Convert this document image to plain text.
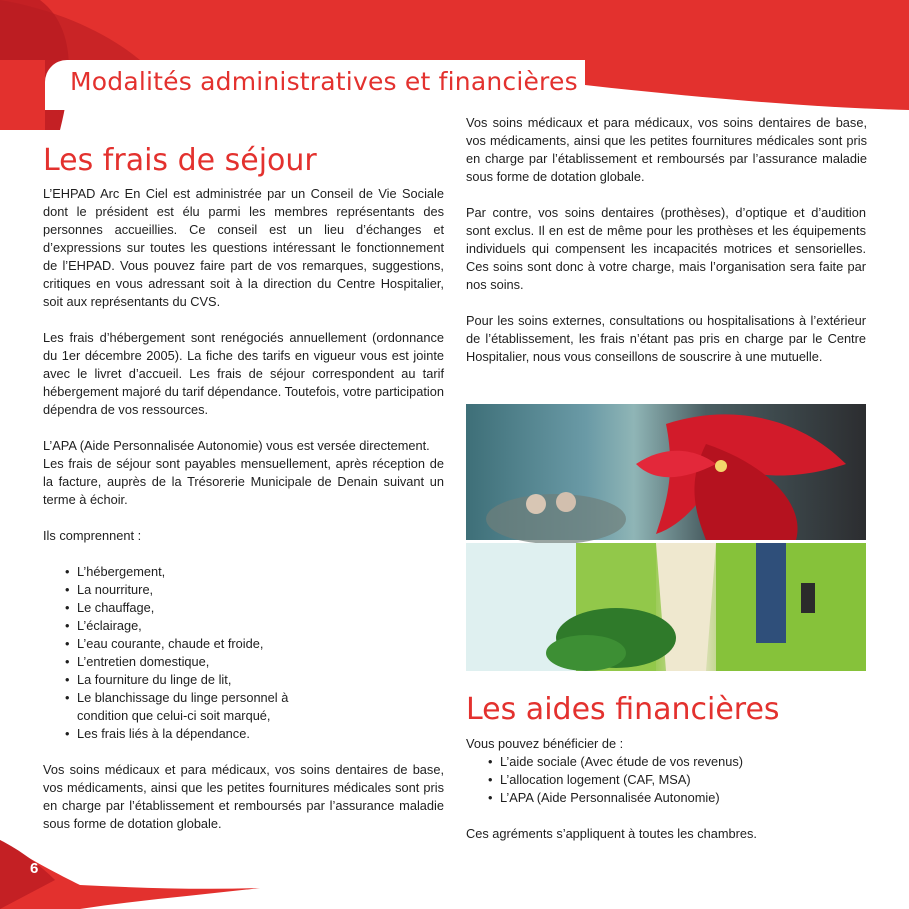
Modalités administratives et financières
Les frais de séjour

L’EHPAD Arc En Ciel est administrée par un Conseil de Vie Sociale dont le président est élu parmi les membres représentants des personnes accueillies. Ce conseil est un lieu d’échanges et d’expressions sur toutes les questions intéressant le fonctionnement de l’EHPAD. Vous pouvez faire part de vos remarques, suggestions, critiques en vous adressant soit à la direction du Centre Hospitalier, soit aux représentants du CVS.

Les frais d’hébergement sont renégociés annuellement (ordonnance du 1er décembre 2005). La fiche des tarifs en vigueur vous est jointe avec le livret d’accueil. Les frais de séjour correspondent au tarif hébergement majoré du tarif dépendance. Toutefois, votre participation dépendra de vos ressources.

L’APA (Aide Personnalisée Autonomie) vous est versée directement.

Les frais de séjour sont payables mensuellement, après réception de la facture, auprès de la Trésorerie Municipale de Denain suivant un terme à échoir.

Ils comprennent :

• L’hébergement,
• La nourriture,
• Le chauffage,
• L’éclairage,
• L’eau courante, chaude et froide,
• L’entretien domestique,
• La fourniture du linge de lit,
• Le blanchissage du linge personnel à condition que celui-ci soit marqué,
• Les frais liés à la dépendance.

Vos soins médicaux et para médicaux, vos soins dentaires de base, vos médicaments, ainsi que les petites fournitures médicales sont pris en charge par l’établissement et remboursés par l’assurance maladie sous forme de dotation globale.

Par contre, vos soins dentaires (prothèses), d’optique et d’audition sont exclus. Il en est de même pour les prothèses et les équipements individuels qui compensent les incapacités motrices et sensorielles. Ces soins sont donc à votre charge, mais l’organisation sera faite par nos soins.

Pour les soins externes, consultations ou hospitalisations à l’extérieur de l’établissement, les frais n’étant pas pris en charge par le Centre Hospitalier, nous vous conseillons de souscrire à une mutuelle.

Les aides financières

Vous pouvez bénéficier de :

• L’aide sociale (Avec étude de vos revenus)
• L’allocation logement (CAF, MSA)
• L’APA (Aide Personnalisée Autonomie)

Ces agréments s’appliquent à toutes les chambres.

6

Vos soins médicaux et para médicaux, vos soins dentaires de base, vos médicaments, ainsi que les petites fournitures médicales sont pris en charge par l’établissement et remboursés par l’assurance maladie sous forme de dotation globale.
